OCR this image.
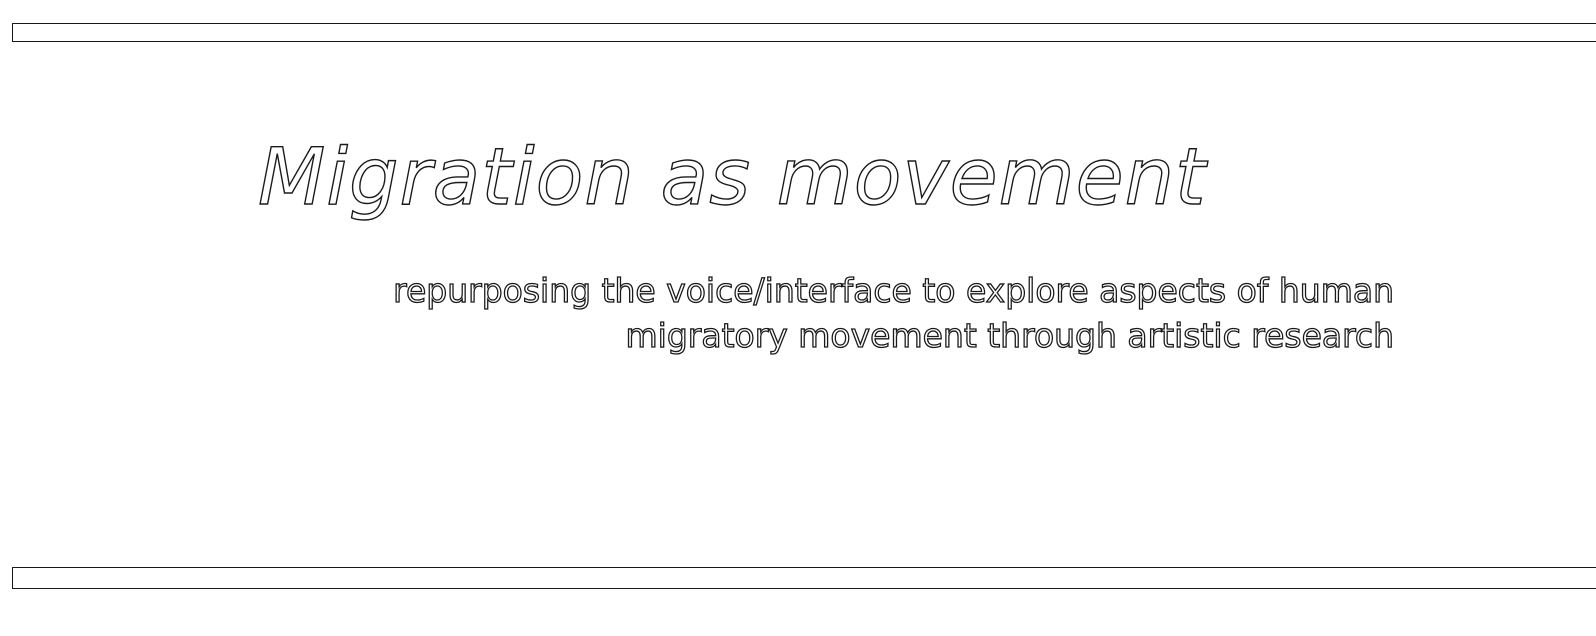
Migration as movement

repurposing the voice/interface to explore aspects of human
migratory movement through artistic research
